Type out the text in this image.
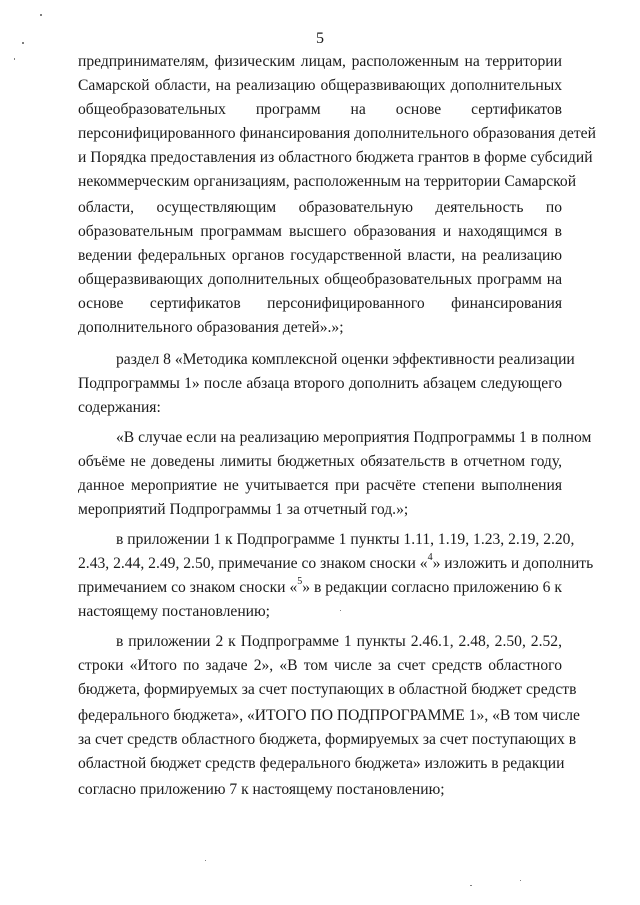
5
предпринимателям, физическим лицам, расположенным на территории
Самарской области, на реализацию общеразвивающих дополнительных
общеобразовательных программ на основе сертификатов
персонифицированного финансирования дополнительного образования детей
и Порядка предоставления из областного бюджета грантов в форме субсидий
некоммерческим организациям, расположенным на территории Самарской
области, осуществляющим образовательную деятельность по
образовательным программам высшего образования и находящимся в
ведении федеральных органов государственной власти, на реализацию
общеразвивающих дополнительных общеобразовательных программ на
основе сертификатов персонифицированного финансирования
дополнительного образования детей».»;
раздел 8 «Методика комплексной оценки эффективности реализации
Подпрограммы 1» после абзаца второго дополнить абзацем следующего
содержания:
«В случае если на реализацию мероприятия Подпрограммы 1 в полном
объёме не доведены лимиты бюджетных обязательств в отчетном году,
данное мероприятие не учитывается при расчёте степени выполнения
мероприятий Подпрограммы 1 за отчетный год.»;
в приложении 1 к Подпрограмме 1 пункты 1.11, 1.19, 1.23, 2.19, 2.20,
2.43, 2.44, 2.49, 2.50, примечание со знаком сноски «$^4$» изложить и дополнить
примечанием со знаком сноски «$^5$» в редакции согласно приложению 6 к
настоящему постановлению;
в приложении 2 к Подпрограмме 1 пункты 2.46.1, 2.48, 2.50, 2.52,
строки «Итого по задаче 2», «В том числе за счет средств областного
бюджета, формируемых за счет поступающих в областной бюджет средств
федерального бюджета», «ИТОГО ПО ПОДПРОГРАММЕ 1», «В том числе
за счет средств областного бюджета, формируемых за счет поступающих в
областной бюджет средств федерального бюджета» изложить в редакции
согласно приложению 7 к настоящему постановлению;
